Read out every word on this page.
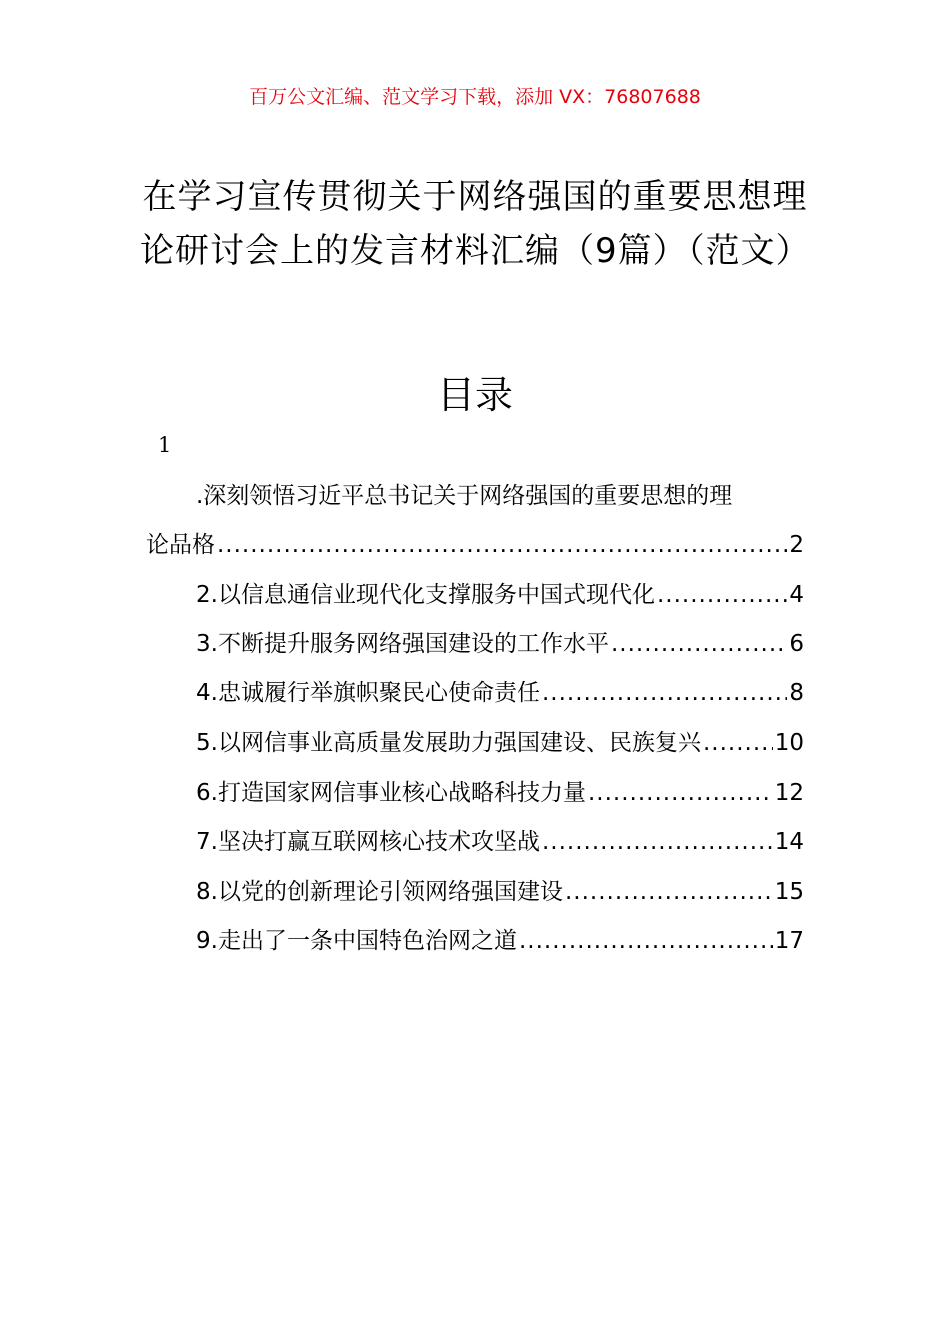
百万公文汇编、范文学习下载，添加 VX：76807688
在学习宣传贯彻关于网络强国的重要思想理论研讨会上的发言材料汇编（9篇）（范文）
目录
1
.深刻领悟习近平总书记关于网络强国的重要思想的理
论品格 .....	2
2.以信息通信业现代化支撑服务中国式现代化 .....	4
3.不断提升服务网络强国建设的工作水平 .....	6
4.忠诚履行举旗帜聚民心使命责任 .....	8
5.以网信事业高质量发展助力强国建设、民族复兴 .....	10
6.打造国家网信事业核心战略科技力量 .....	12
7.坚决打赢互联网核心技术攻坚战 .....	14
8.以党的创新理论引领网络强国建设 .....	15
9.走出了一条中国特色治网之道 .....	17
